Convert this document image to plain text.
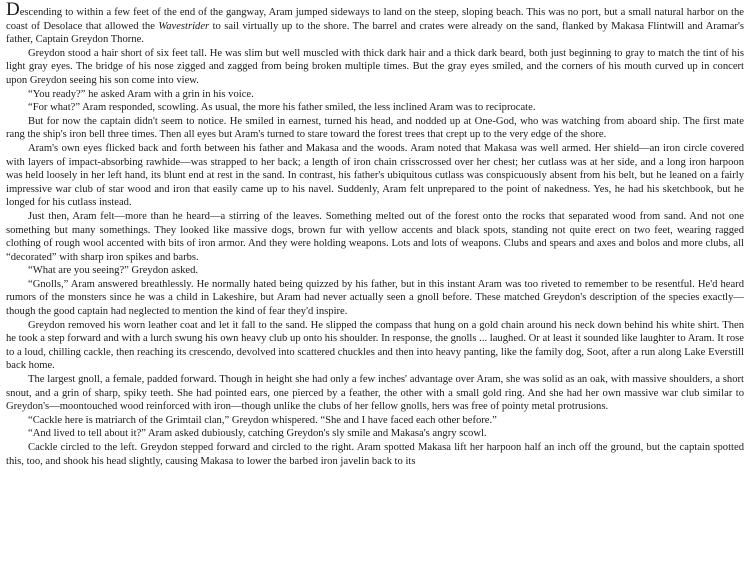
Descending to within a few feet of the end of the gangway, Aram jumped sideways to land on the steep, sloping beach. This was no port, but a small natural harbor on the coast of Desolace that allowed the Wavestrider to sail virtually up to the shore. The barrel and crates were already on the sand, flanked by Makasa Flintwill and Aramar's father, Captain Greydon Thorne.

Greydon stood a hair short of six feet tall. He was slim but well muscled with thick dark hair and a thick dark beard, both just beginning to gray to match the tint of his light gray eyes. The bridge of his nose zigged and zagged from being broken multiple times. But the gray eyes smiled, and the corners of his mouth curved up in concert upon Greydon seeing his son come into view.

“You ready?” he asked Aram with a grin in his voice.

“For what?” Aram responded, scowling. As usual, the more his father smiled, the less inclined Aram was to reciprocate.

But for now the captain didn't seem to notice. He smiled in earnest, turned his head, and nodded up at One-God, who was watching from aboard ship. The first mate rang the ship's iron bell three times. Then all eyes but Aram's turned to stare toward the forest trees that crept up to the very edge of the shore.

Aram's own eyes flicked back and forth between his father and Makasa and the woods. Aram noted that Makasa was well armed. Her shield—an iron circle covered with layers of impact-absorbing rawhide—was strapped to her back; a length of iron chain crisscrossed over her chest; her cutlass was at her side, and a long iron harpoon was held loosely in her left hand, its blunt end at rest in the sand. In contrast, his father's ubiquitous cutlass was conspicuously absent from his belt, but he leaned on a fairly impressive war club of star wood and iron that easily came up to his navel. Suddenly, Aram felt unprepared to the point of nakedness. Yes, he had his sketchbook, but he longed for his cutlass instead.

Just then, Aram felt—more than he heard—a stirring of the leaves. Something melted out of the forest onto the rocks that separated wood from sand. And not one something but many somethings. They looked like massive dogs, brown fur with yellow accents and black spots, standing not quite erect on two feet, wearing ragged clothing of rough wool accented with bits of iron armor. And they were holding weapons. Lots and lots of weapons. Clubs and spears and axes and bolos and more clubs, all “decorated” with sharp iron spikes and barbs.

“What are you seeing?” Greydon asked.

“Gnolls,” Aram answered breathlessly. He normally hated being quizzed by his father, but in this instant Aram was too riveted to remember to be resentful. He'd heard rumors of the monsters since he was a child in Lakeshire, but Aram had never actually seen a gnoll before. These matched Greydon's description of the species exactly—though the good captain had neglected to mention the kind of fear they'd inspire.

Greydon removed his worn leather coat and let it fall to the sand. He slipped the compass that hung on a gold chain around his neck down behind his white shirt. Then he took a step forward and with a lurch swung his own heavy club up onto his shoulder. In response, the gnolls ... laughed. Or at least it sounded like laughter to Aram. It rose to a loud, chilling cackle, then reaching its crescendo, devolved into scattered chuckles and then into heavy panting, like the family dog, Soot, after a run along Lake Everstill back home.

The largest gnoll, a female, padded forward. Though in height she had only a few inches' advantage over Aram, she was solid as an oak, with massive shoulders, a short snout, and a grin of sharp, spiky teeth. She had pointed ears, one pierced by a feather, the other with a small gold ring. And she had her own massive war club similar to Greydon's—moontouched wood reinforced with iron—though unlike the clubs of her fellow gnolls, hers was free of pointy metal protrusions.

“Cackle here is matriarch of the Grimtail clan,” Greydon whispered. “She and I have faced each other before.”

“And lived to tell about it?” Aram asked dubiously, catching Greydon's sly smile and Makasa's angry scowl.

Cackle circled to the left. Greydon stepped forward and circled to the right. Aram spotted Makasa lift her harpoon half an inch off the ground, but the captain spotted this, too, and shook his head slightly, causing Makasa to lower the barbed iron javelin back to its
